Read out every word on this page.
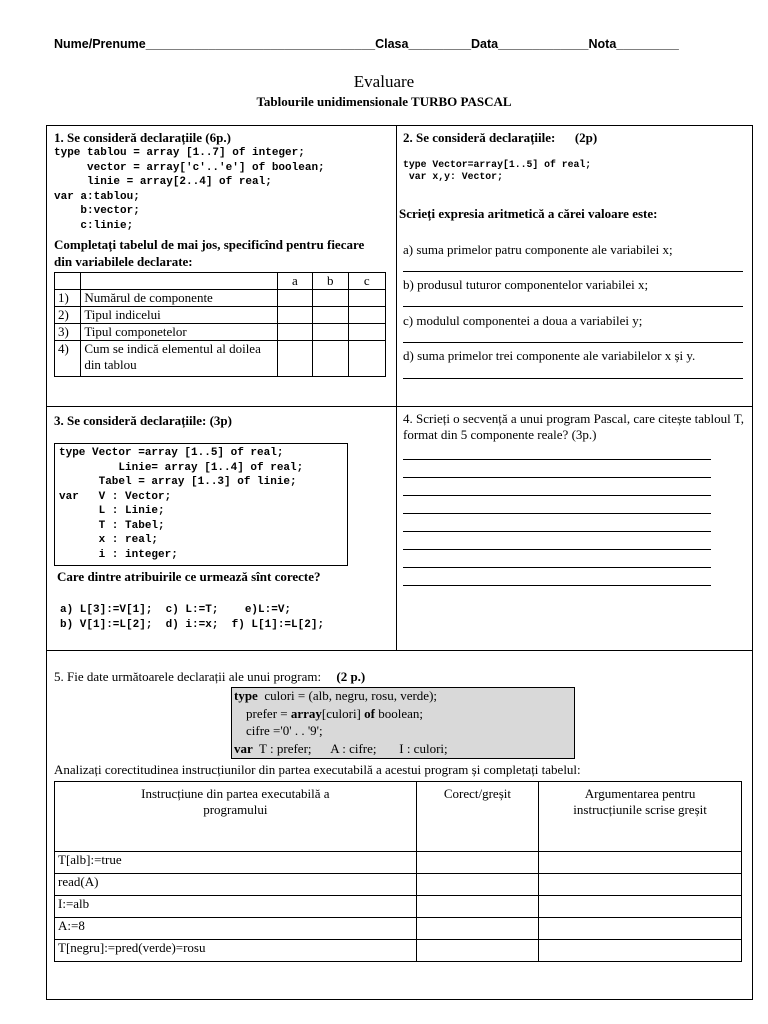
Nume/Prenume_________________________________Clasa_________Data_____________Nota_________
Evaluare
Tablourile unidimensionale TURBO PASCAL
1. Se consideră declarațiile (6p.)
type tablou = array [1..7] of integer;
vector = array['c'..'e'] of boolean;
linie = array[2..4] of real;
var a:tablou;
b:vector;
c:linie;
Completați tabelul de mai jos, specificînd pentru fiecare din variabilele declarate:
		a	b	c
1)	Numărul de componente			
2)	Tipul indicelui			
3)	Tipul componetelor			
4)	Cum se indică elementul al doilea din tablou			
2. Se consideră declarațiile:      (2p)
type Vector=array[1..5] of real;
var x,y: Vector;
Scrieți expresia aritmetică a cărei valoare este:
a) suma primelor patru componente ale variabilei x;
b) produsul tuturor componentelor variabilei x;
c) modulul componentei a doua a variabilei y;
d) suma primelor trei componente ale variabilelor x și y.
3. Se consideră declarațiile: (3p)
type Vector =array [1..5] of real;
Linie= array [1..4] of real;
Tabel = array [1..3] of linie;
var   V : Vector;
L : Linie;
T : Tabel;
x : real;
i : integer;
Care dintre atribuirile ce urmează sînt corecte?
a) L[3]:=V[1];  c) L:=T;    e)L:=V;
b) V[1]:=L[2];  d) i:=x;  f) L[1]:=L[2];
4. Scrieți o secvență a unui program Pascal, care citește tabloul T, format din 5 componente reale? (3p.)
5. Fie date următoarele declarații ale unui program: (2 p.)
type  culori = (alb, negru, rosu, verde);
prefer = array[culori] of boolean;
cifre ='0' . . '9';
var  T : prefer;      A : cifre;       I : culori;
Analizați corectitudinea instrucțiunilor din partea executabilă a acestui program și completați tabelul:
Instrucțiune din partea executabilă a programului	Corect/greșit	Argumentarea pentru instrucțiunile scrise greșit
T[alb]:=true		
read(A)		
I:=alb		
A:=8		
T[negru]:=pred(verde)=rosu		
